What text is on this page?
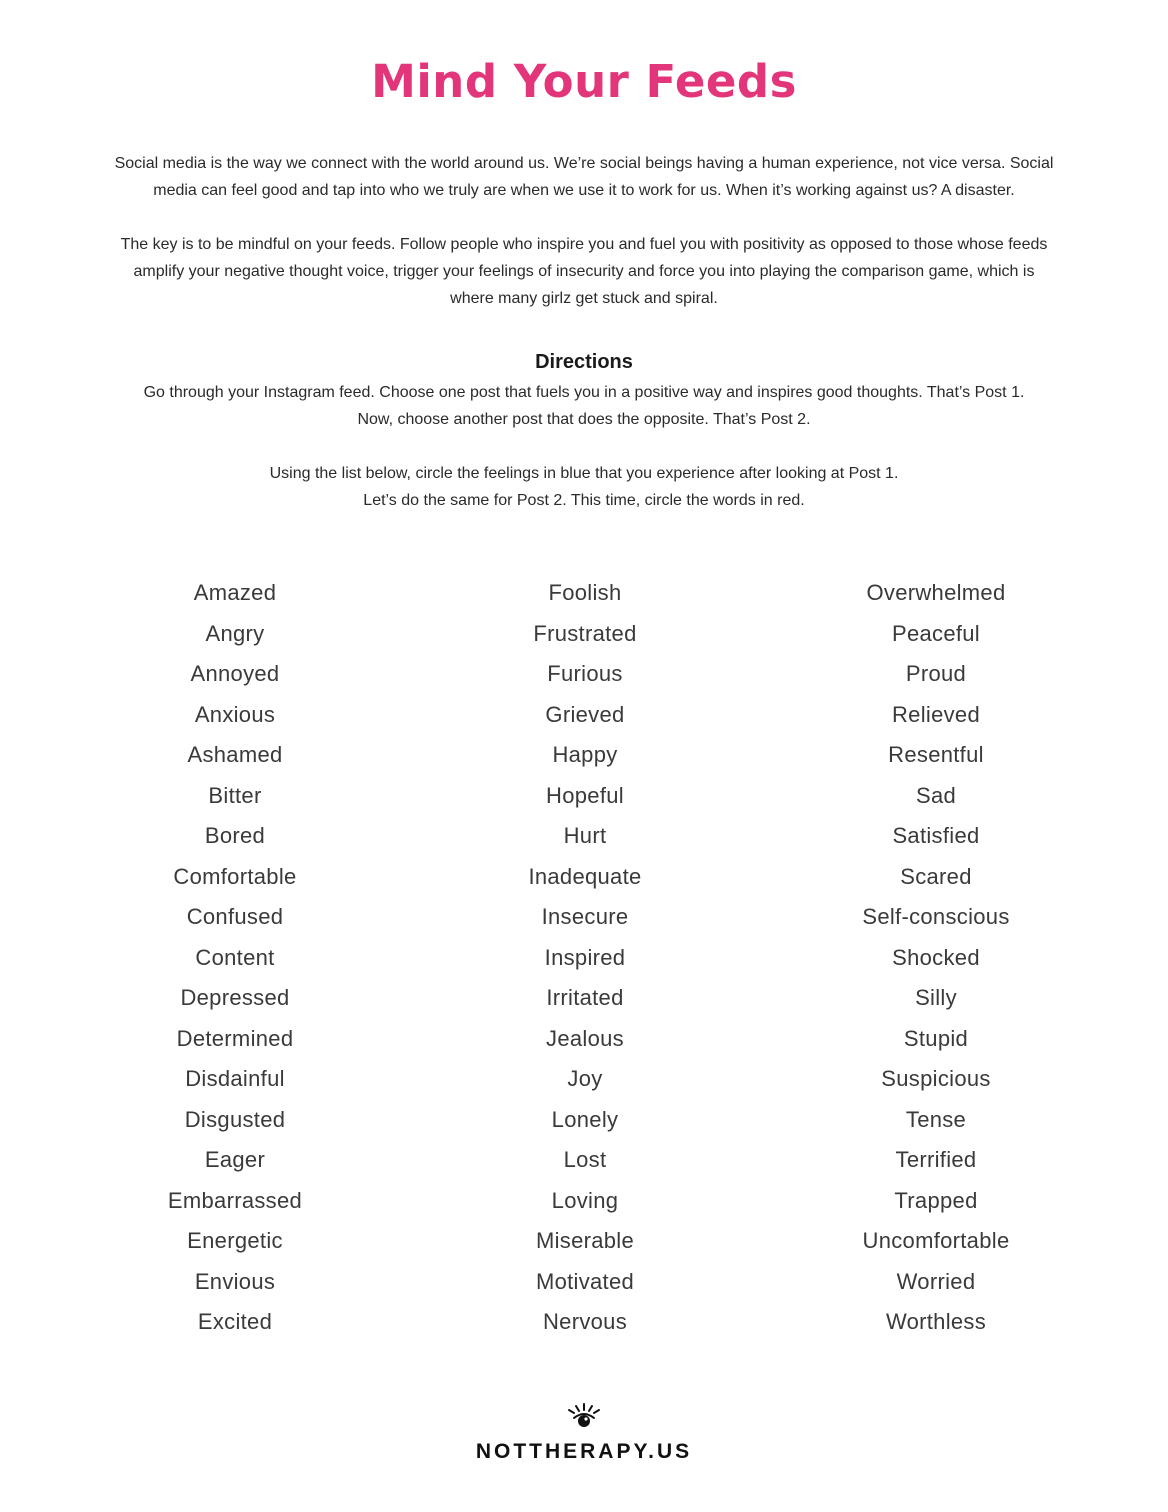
Mind Your Feeds

Social media is the way we connect with the world around us. We’re social beings having a human experience, not vice versa. Social
media can feel good and tap into who we truly are when we use it to work for us. When it’s working against us? A disaster.

The key is to be mindful on your feeds. Follow people who inspire you and fuel you with positivity as opposed to those whose feeds
amplify your negative thought voice, trigger your feelings of insecurity and force you into playing the comparison game, which is
where many girlz get stuck and spiral.

Directions

Go through your Instagram feed. Choose one post that fuels you in a positive way and inspires good thoughts. That’s Post 1.
Now, choose another post that does the opposite. That’s Post 2.

Using the list below, circle the feelings in blue that you experience after looking at Post 1.
Let’s do the same for Post 2. This time, circle the words in red.

Amazed
Angry
Annoyed
Anxious
Ashamed
Bitter
Bored
Comfortable
Confused
Content
Depressed
Determined
Disdainful
Disgusted
Eager
Embarrassed
Energetic
Envious
Excited
Foolish
Frustrated
Furious
Grieved
Happy
Hopeful
Hurt
Inadequate
Insecure
Inspired
Irritated
Jealous
Joy
Lonely
Lost
Loving
Miserable
Motivated
Nervous
Overwhelmed
Peaceful
Proud
Relieved
Resentful
Sad
Satisfied
Scared
Self-conscious
Shocked
Silly
Stupid
Suspicious
Tense
Terrified
Trapped
Uncomfortable
Worried
Worthless
NOTTHERAPY.US
